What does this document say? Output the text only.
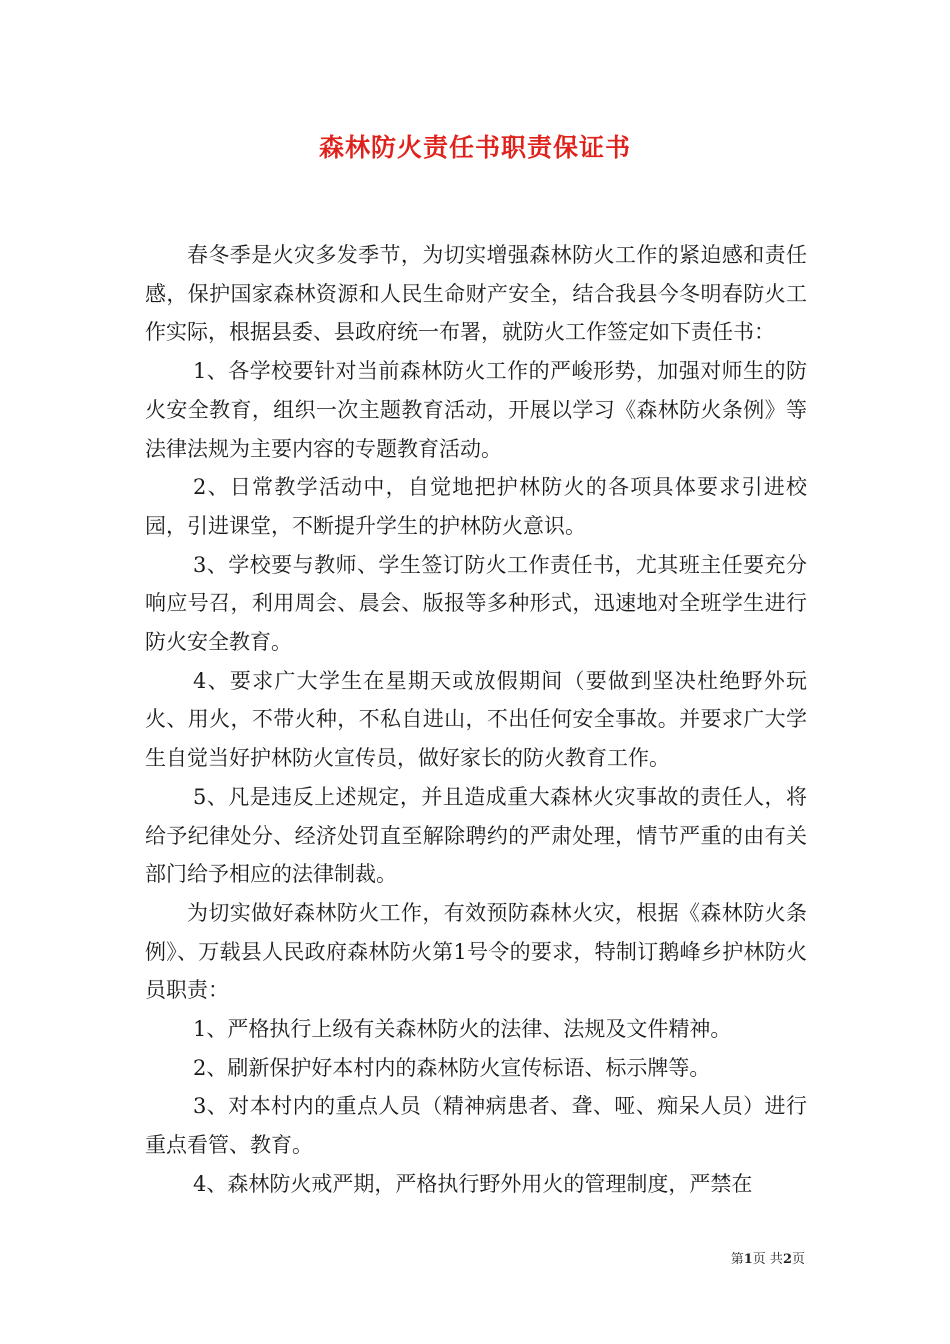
森林防火责任书职责保证书

春冬季是火灾多发季节，为切实增强森林防火工作的紧迫感和责任感，保护国家森林资源和人民生命财产安全，结合我县今冬明春防火工作实际，根据县委、县政府统一布署，就防火工作签定如下责任书：

1、各学校要针对当前森林防火工作的严峻形势，加强对师生的防火安全教育，组织一次主题教育活动，开展以学习《森林防火条例》等法律法规为主要内容的专题教育活动。

2、日常教学活动中，自觉地把护林防火的各项具体要求引进校园，引进课堂，不断提升学生的护林防火意识。

3、学校要与教师、学生签订防火工作责任书，尤其班主任要充分响应号召，利用周会、晨会、版报等多种形式，迅速地对全班学生进行防火安全教育。

4、要求广大学生在星期天或放假期间（要做到坚决杜绝野外玩火、用火，不带火种，不私自进山，不出任何安全事故。并要求广大学生自觉当好护林防火宣传员，做好家长的防火教育工作。

5、凡是违反上述规定，并且造成重大森林火灾事故的责任人，将给予纪律处分、经济处罚直至解除聘约的严肃处理，情节严重的由有关部门给予相应的法律制裁。

为切实做好森林防火工作，有效预防森林火灾，根据《森林防火条例》、万载县人民政府森林防火第1号令的要求，特制订鹅峰乡护林防火员职责：

1、严格执行上级有关森林防火的法律、法规及文件精神。

2、刷新保护好本村内的森林防火宣传标语、标示牌等。

3、对本村内的重点人员（精神病患者、聋、哑、痴呆人员）进行重点看管、教育。

4、森林防火戒严期，严格执行野外用火的管理制度，严禁在

第1页 共2页
